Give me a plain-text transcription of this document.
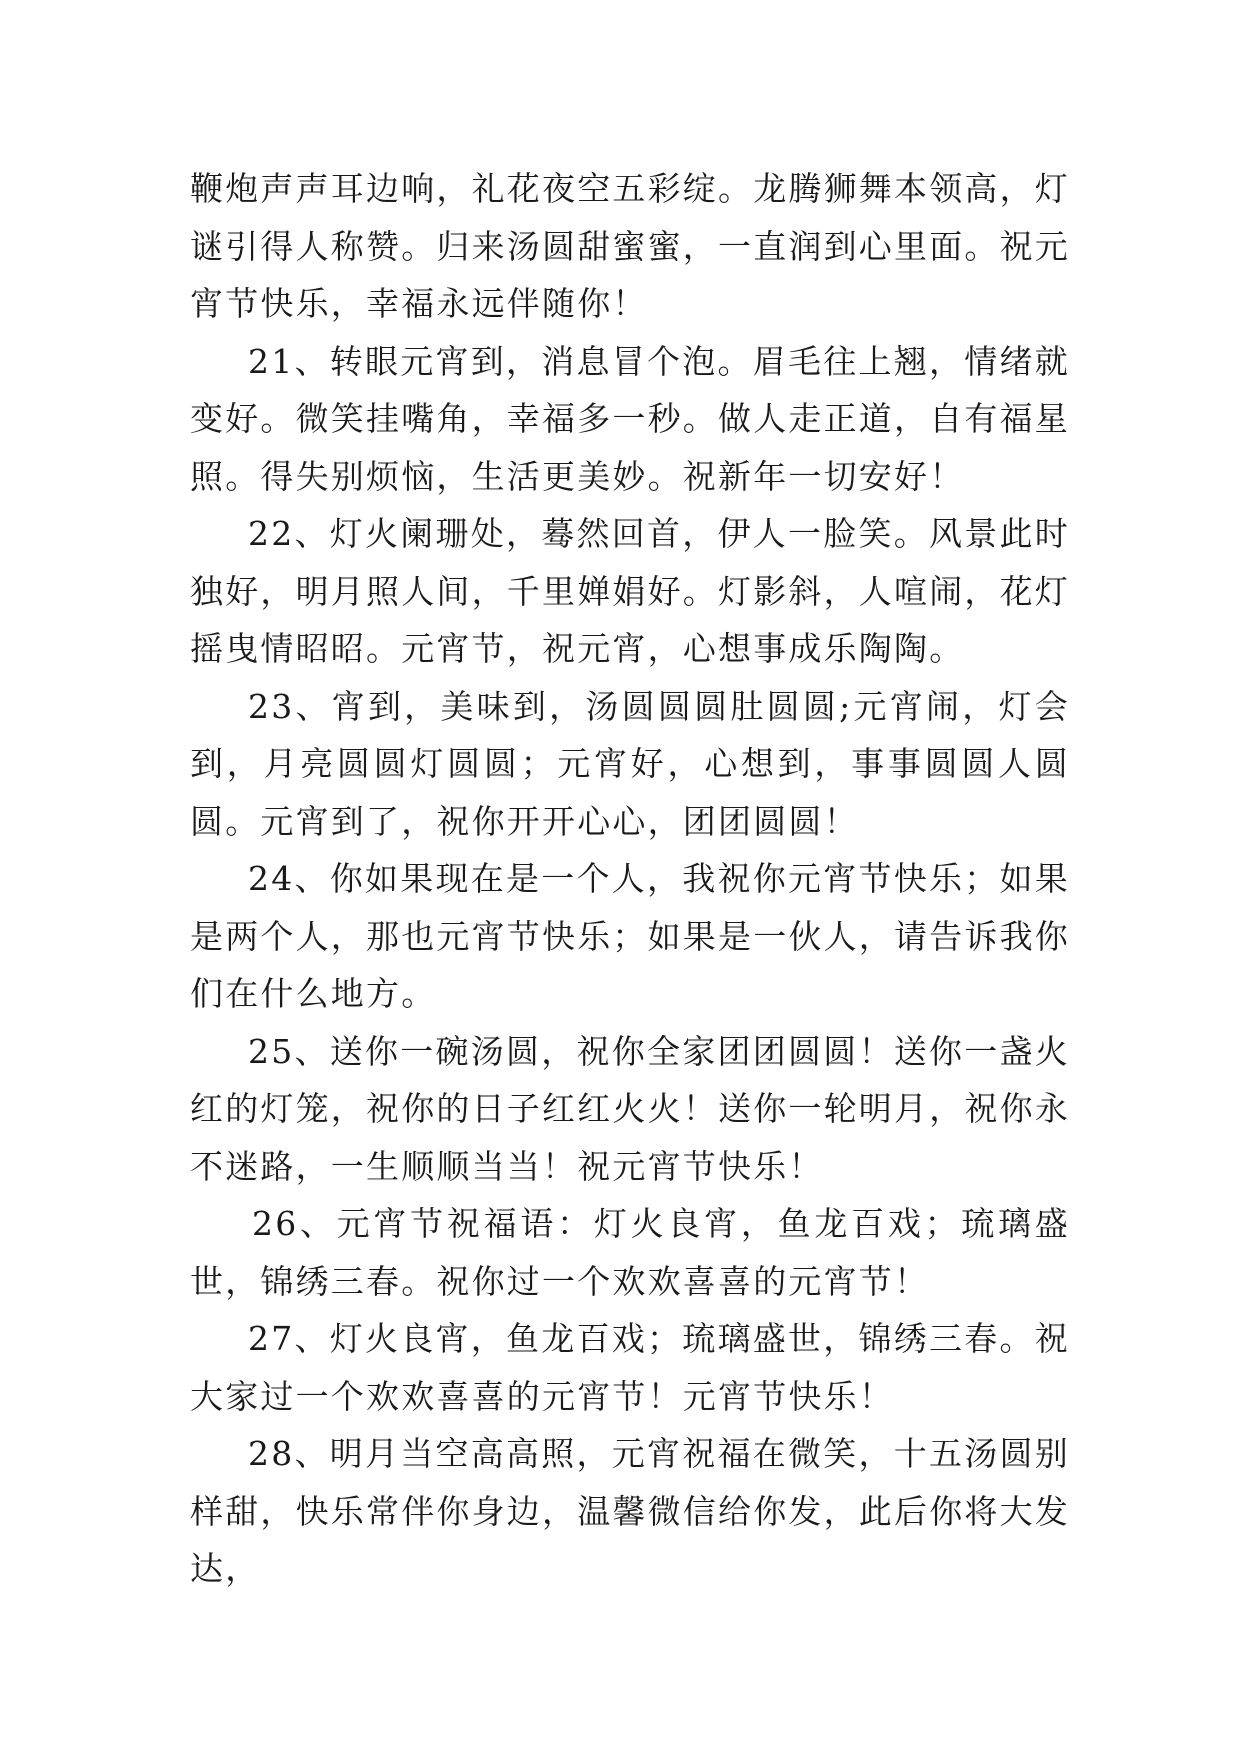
鞭炮声声耳边响，礼花夜空五彩绽。龙腾狮舞本领高，灯谜引得人称赞。归来汤圆甜蜜蜜，一直润到心里面。祝元宵节快乐，幸福永远伴随你！

21、转眼元宵到，消息冒个泡。眉毛往上翘，情绪就变好。微笑挂嘴角，幸福多一秒。做人走正道，自有福星照。得失别烦恼，生活更美妙。祝新年一切安好！

22、灯火阑珊处，蓦然回首，伊人一脸笑。风景此时独好，明月照人间，千里婵娟好。灯影斜，人喧闹，花灯摇曳情昭昭。元宵节，祝元宵，心想事成乐陶陶。

23、宵到，美味到，汤圆圆圆肚圆圆;元宵闹，灯会到，月亮圆圆灯圆圆；元宵好，心想到，事事圆圆人圆圆。元宵到了，祝你开开心心，团团圆圆！

24、你如果现在是一个人，我祝你元宵节快乐；如果是两个人，那也元宵节快乐；如果是一伙人，请告诉我你们在什么地方。

25、送你一碗汤圆，祝你全家团团圆圆！送你一盏火红的灯笼，祝你的日子红红火火！送你一轮明月，祝你永不迷路，一生顺顺当当！祝元宵节快乐！

26、元宵节祝福语：灯火良宵，鱼龙百戏；琉璃盛世，锦绣三春。祝你过一个欢欢喜喜的元宵节！

27、灯火良宵，鱼龙百戏；琉璃盛世，锦绣三春。祝大家过一个欢欢喜喜的元宵节！元宵节快乐！

28、明月当空高高照，元宵祝福在微笑，十五汤圆别样甜，快乐常伴你身边，温馨微信给你发，此后你将大发达，
